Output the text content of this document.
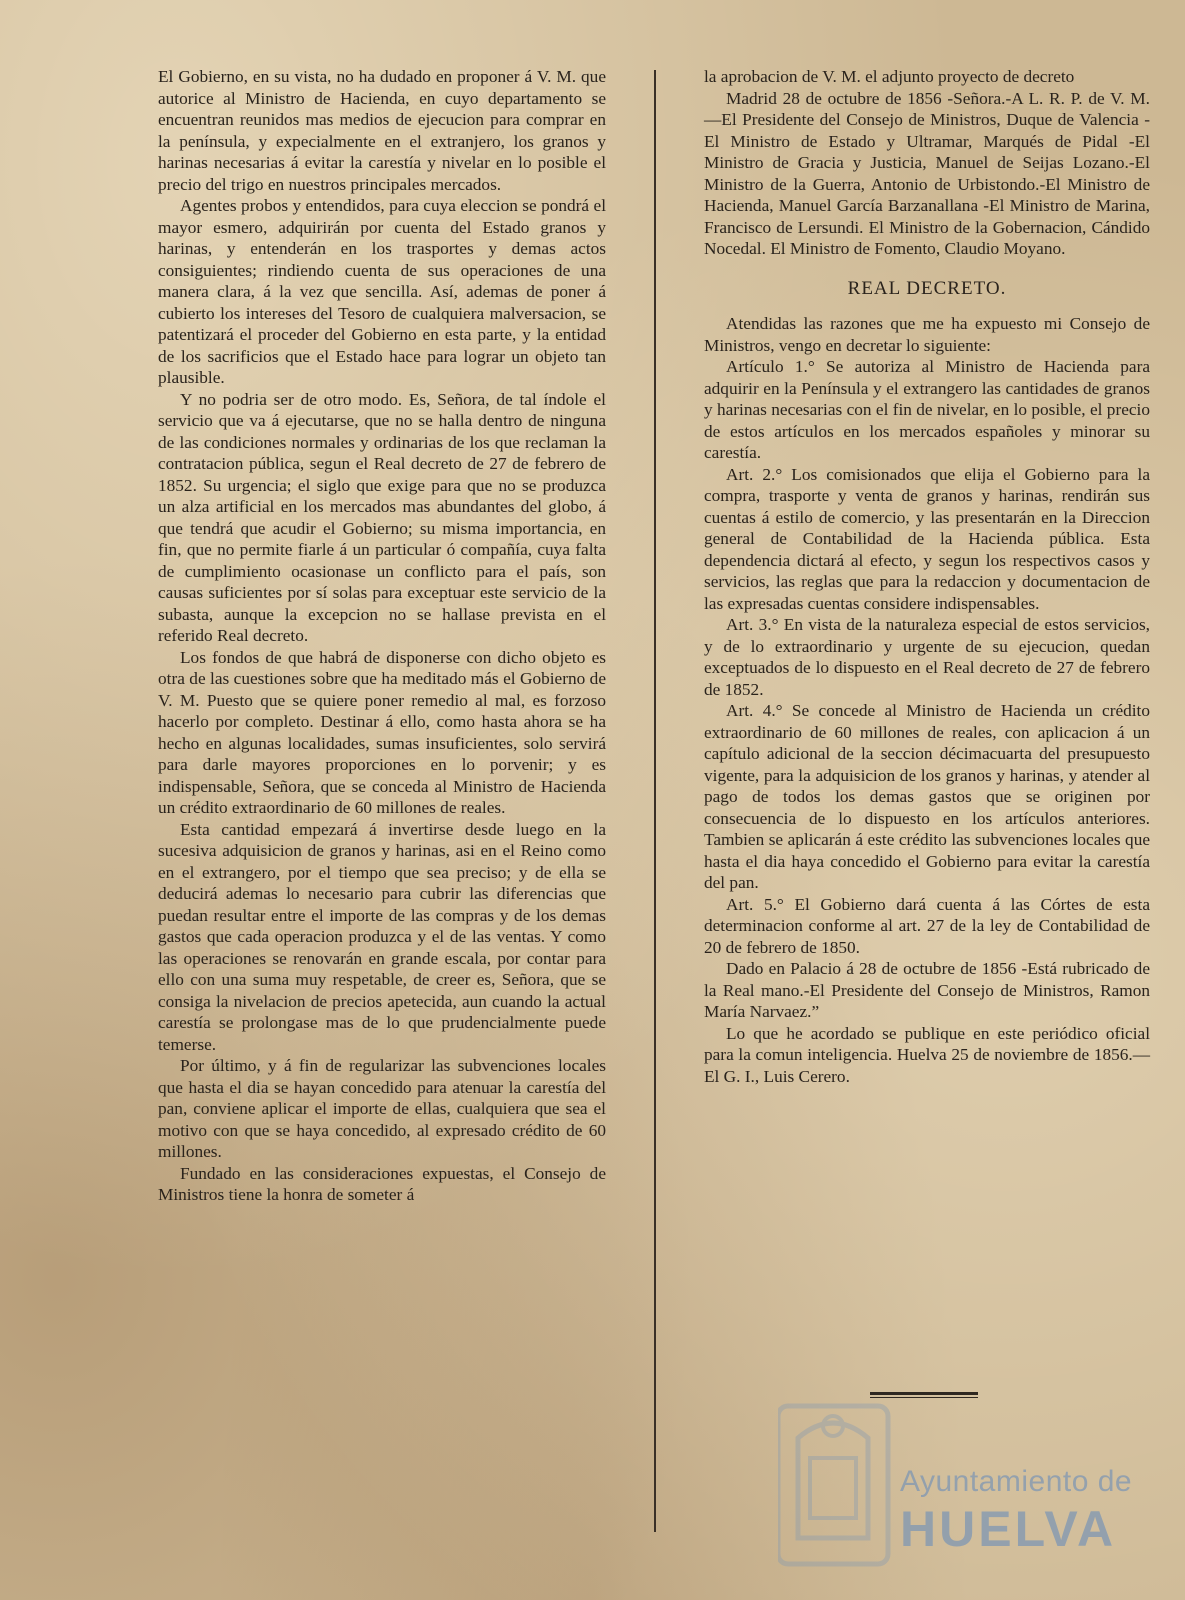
El Gobierno, en su vista, no ha dudado en proponer á V. M. que autorice al Ministro de Hacienda, en cuyo departamento se encuentran reunidos mas medios de ejecucion para comprar en la península, y expecialmente en el extranjero, los granos y harinas necesarias á evitar la carestía y nivelar en lo posible el precio del trigo en nuestros principales mercados.

Agentes probos y entendidos, para cuya eleccion se pondrá el mayor esmero, adquirirán por cuenta del Estado granos y harinas, y entenderán en los trasportes y demas actos consiguientes; rindiendo cuenta de sus operaciones de una manera clara, á la vez que sencilla. Así, ademas de poner á cubierto los intereses del Tesoro de cualquiera malversacion, se patentizará el proceder del Gobierno en esta parte, y la entidad de los sacrificios que el Estado hace para lograr un objeto tan plausible.

Y no podria ser de otro modo. Es, Señora, de tal índole el servicio que va á ejecutarse, que no se halla dentro de ninguna de las condiciones normales y ordinarias de los que reclaman la contratacion pública, segun el Real decreto de 27 de febrero de 1852. Su urgencia; el siglo que exige para que no se produzca un alza artificial en los mercados mas abundantes del globo, á que tendrá que acudir el Gobierno; su misma importancia, en fin, que no permite fiarle á un particular ó compañía, cuya falta de cumplimiento ocasionase un conflicto para el país, son causas suficientes por sí solas para exceptuar este servicio de la subasta, aunque la excepcion no se hallase prevista en el referido Real decreto.

Los fondos de que habrá de disponerse con dicho objeto es otra de las cuestiones sobre que ha meditado más el Gobierno de V. M. Puesto que se quiere poner remedio al mal, es forzoso hacerlo por completo. Destinar á ello, como hasta ahora se ha hecho en algunas localidades, sumas insuficientes, solo servirá para darle mayores proporciones en lo porvenir; y es indispensable, Señora, que se conceda al Ministro de Hacienda un crédito extraordinario de 60 millones de reales.

Esta cantidad empezará á invertirse desde luego en la sucesiva adquisicion de granos y harinas, asi en el Reino como en el extrangero, por el tiempo que sea preciso; y de ella se deducirá ademas lo necesario para cubrir las diferencias que puedan resultar entre el importe de las compras y de los demas gastos que cada operacion produzca y el de las ventas. Y como las operaciones se renovarán en grande escala, por contar para ello con una suma muy respetable, de creer es, Señora, que se consiga la nivelacion de precios apetecida, aun cuando la actual carestía se prolongase mas de lo que prudencialmente puede temerse.

Por último, y á fin de regularizar las subvenciones locales que hasta el dia se hayan concedido para atenuar la carestía del pan, conviene aplicar el importe de ellas, cualquiera que sea el motivo con que se haya concedido, al expresado crédito de 60 millones.

Fundado en las consideraciones expuestas, el Consejo de Ministros tiene la honra de someter á

la aprobacion de V. M. el adjunto proyecto de decreto

Madrid 28 de octubre de 1856 -Señora.-A L. R. P. de V. M.—El Presidente del Consejo de Ministros, Duque de Valencia -El Ministro de Estado y Ultramar, Marqués de Pidal -El Ministro de Gracia y Justicia, Manuel de Seijas Lozano.-El Ministro de la Guerra, Antonio de Urbistondo.-El Ministro de Hacienda, Manuel García Barzanallana -El Ministro de Marina, Francisco de Lersundi. El Ministro de la Gobernacion, Cándido Nocedal. El Ministro de Fomento, Claudio Moyano.

REAL DECRETO.

Atendidas las razones que me ha expuesto mi Consejo de Ministros, vengo en decretar lo siguiente:

Artículo 1.° Se autoriza al Ministro de Hacienda para adquirir en la Península y el extrangero las cantidades de granos y harinas necesarias con el fin de nivelar, en lo posible, el precio de estos artículos en los mercados españoles y minorar su carestía.

Art. 2.° Los comisionados que elija el Gobierno para la compra, trasporte y venta de granos y harinas, rendirán sus cuentas á estilo de comercio, y las presentarán en la Direccion general de Contabilidad de la Hacienda pública. Esta dependencia dictará al efecto, y segun los respectivos casos y servicios, las reglas que para la redaccion y documentacion de las expresadas cuentas considere indispensables.

Art. 3.° En vista de la naturaleza especial de estos servicios, y de lo extraordinario y urgente de su ejecucion, quedan exceptuados de lo dispuesto en el Real decreto de 27 de febrero de 1852.

Art. 4.° Se concede al Ministro de Hacienda un crédito extraordinario de 60 millones de reales, con aplicacion á un capítulo adicional de la seccion décimacuarta del presupuesto vigente, para la adquisicion de los granos y harinas, y atender al pago de todos los demas gastos que se originen por consecuencia de lo dispuesto en los artículos anteriores. Tambien se aplicarán á este crédito las subvenciones locales que hasta el dia haya concedido el Gobierno para evitar la carestía del pan.

Art. 5.° El Gobierno dará cuenta á las Córtes de esta determinacion conforme al art. 27 de la ley de Contabilidad de 20 de febrero de 1850.

Dado en Palacio á 28 de octubre de 1856 -Está rubricado de la Real mano.-El Presidente del Consejo de Ministros, Ramon María Narvaez.”

Lo que he acordado se publique en este periódico oficial para la comun inteligencia. Huelva 25 de noviembre de 1856.—El G. I., Luis Cerero.

Ayuntamiento de
HUELVA
